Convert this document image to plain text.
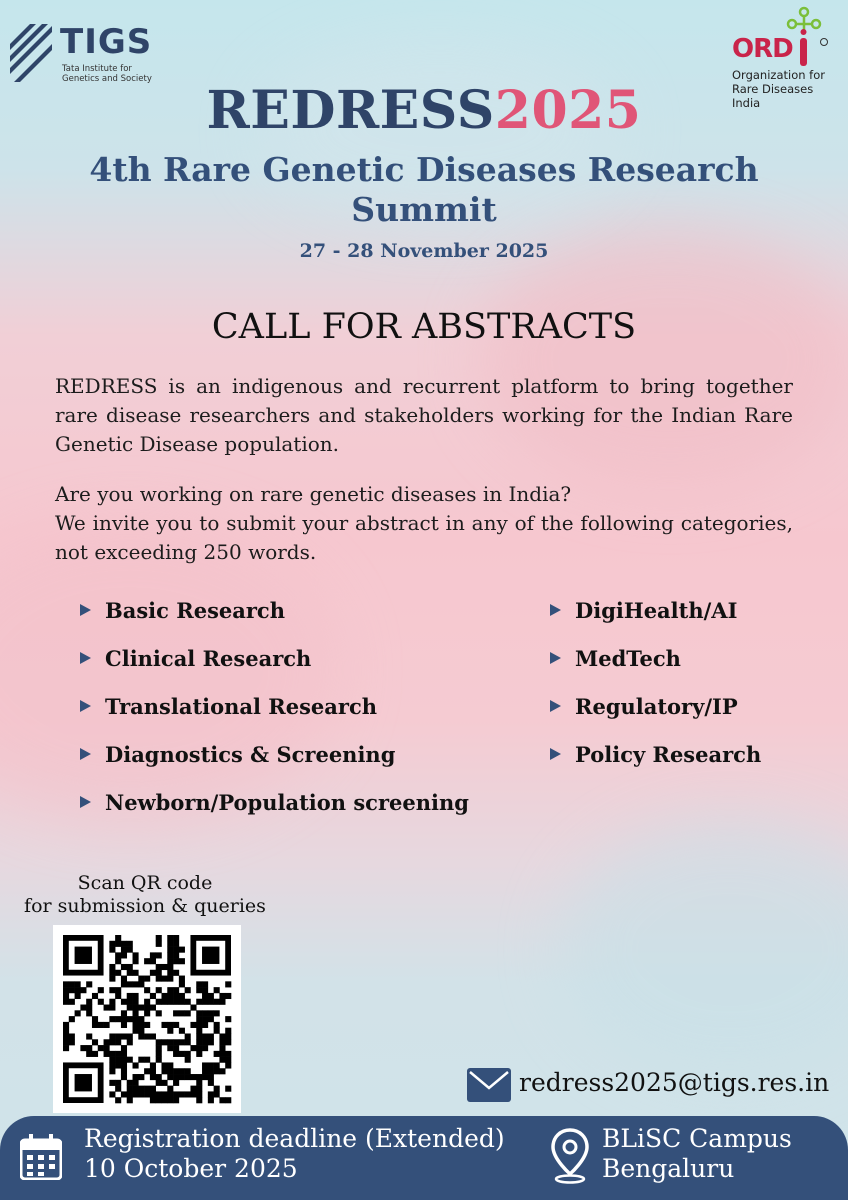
TIGS
Tata Institute for
Genetics and Society
ORD
Organization for
Rare Diseases India
REDRESS2025
4th Rare Genetic Diseases Research
Summit
27 - 28 November 2025
CALL FOR ABSTRACTS
REDRESS is an indigenous and recurrent platform to bring together rare disease researchers and stakeholders working for the Indian Rare Genetic Disease population.
Are you working on rare genetic diseases in India?
We invite you to submit your abstract in any of the following categories, not exceeding 250 words.
Basic Research
Clinical Research
Translational Research
Diagnostics & Screening
Newborn/Population screening
DigiHealth/AI
MedTech
Regulatory/IP
Policy Research
Scan QR code
for submission & queries
redress2025@tigs.res.in
Registration deadline (Extended)
10 October 2025
BLiSC Campus
Bengaluru
